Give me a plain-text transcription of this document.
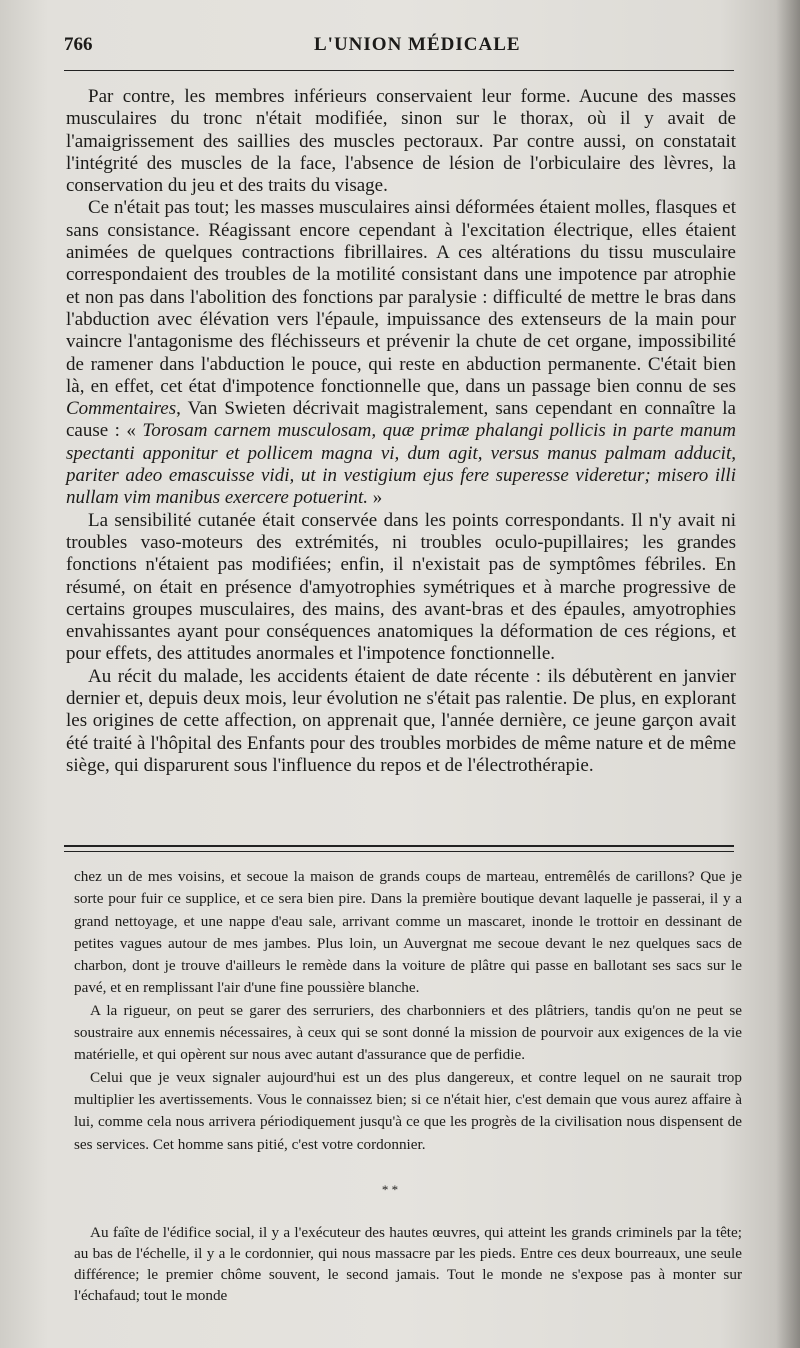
766	L'UNION MÉDICALE

Par contre, les membres inférieurs conservaient leur forme. Aucune des masses musculaires du tronc n'était modifiée, sinon sur le thorax, où il y avait de l'amaigrissement des saillies des muscles pectoraux. Par contre aussi, on constatait l'intégrité des muscles de la face, l'absence de lésion de l'orbiculaire des lèvres, la conservation du jeu et des traits du visage.

Ce n'était pas tout; les masses musculaires ainsi déformées étaient molles, flasques et sans consistance. Réagissant encore cependant à l'excitation électrique, elles étaient animées de quelques contractions fibrillaires. A ces altérations du tissu musculaire correspondaient des troubles de la motilité consistant dans une impotence par atrophie et non pas dans l'abolition des fonctions par paralysie : difficulté de mettre le bras dans l'abduction avec élévation vers l'épaule, impuissance des extenseurs de la main pour vaincre l'antagonisme des fléchisseurs et prévenir la chute de cet organe, impossibilité de ramener dans l'abduction le pouce, qui reste en abduction permanente. C'était bien là, en effet, cet état d'impotence fonctionnelle que, dans un passage bien connu de ses Commentaires, Van Swieten décrivait magistralement, sans cependant en connaître la cause : « Torosam carnem musculosam, quæ primæ phalangi pollicis in parte manum spectanti apponitur et pollicem magna vi, dum agit, versus manus palmam adducit, pariter adeo emascuisse vidi, ut in vestigium ejus fere superesse videretur; misero illi nullam vim manibus exercere potuerint. »

La sensibilité cutanée était conservée dans les points correspondants. Il n'y avait ni troubles vaso-moteurs des extrémités, ni troubles oculo-pupillaires; les grandes fonctions n'étaient pas modifiées; enfin, il n'existait pas de symptômes fébriles. En résumé, on était en présence d'amyotrophies symétriques et à marche progressive de certains groupes musculaires, des mains, des avant-bras et des épaules, amyotrophies envahissantes ayant pour conséquences anatomiques la déformation de ces régions, et pour effets, des attitudes anormales et l'impotence fonctionnelle.

Au récit du malade, les accidents étaient de date récente : ils débutèrent en janvier dernier et, depuis deux mois, leur évolution ne s'était pas ralentie. De plus, en explorant les origines de cette affection, on apprenait que, l'année dernière, ce jeune garçon avait été traité à l'hôpital des Enfants pour des troubles morbides de même nature et de même siège, qui disparurent sous l'influence du repos et de l'électrothérapie.

chez un de mes voisins, et secoue la maison de grands coups de marteau, entremêlés de carillons? Que je sorte pour fuir ce supplice, et ce sera bien pire. Dans la première boutique devant laquelle je passerai, il y a grand nettoyage, et une nappe d'eau sale, arrivant comme un mascaret, inonde le trottoir en dessinant de petites vagues autour de mes jambes. Plus loin, un Auvergnat me secoue devant le nez quelques sacs de charbon, dont je trouve d'ailleurs le remède dans la voiture de plâtre qui passe en ballotant ses sacs sur le pavé, et en remplissant l'air d'une fine poussière blanche.

A la rigueur, on peut se garer des serruriers, des charbonniers et des plâtriers, tandis qu'on ne peut se soustraire aux ennemis nécessaires, à ceux qui se sont donné la mission de pourvoir aux exigences de la vie matérielle, et qui opèrent sur nous avec autant d'assurance que de perfidie.

Celui que je veux signaler aujourd'hui est un des plus dangereux, et contre lequel on ne saurait trop multiplier les avertissements. Vous le connaissez bien; si ce n'était hier, c'est demain que vous aurez affaire à lui, comme cela nous arrivera périodiquement jusqu'à ce que les progrès de la civilisation nous dispensent de ses services. Cet homme sans pitié, c'est votre cordonnier.

* *

Au faîte de l'édifice social, il y a l'exécuteur des hautes œuvres, qui atteint les grands criminels par la tête; au bas de l'échelle, il y a le cordonnier, qui nous massacre par les pieds. Entre ces deux bourreaux, une seule différence; le premier chôme souvent, le second jamais. Tout le monde ne s'expose pas à monter sur l'échafaud; tout le monde
